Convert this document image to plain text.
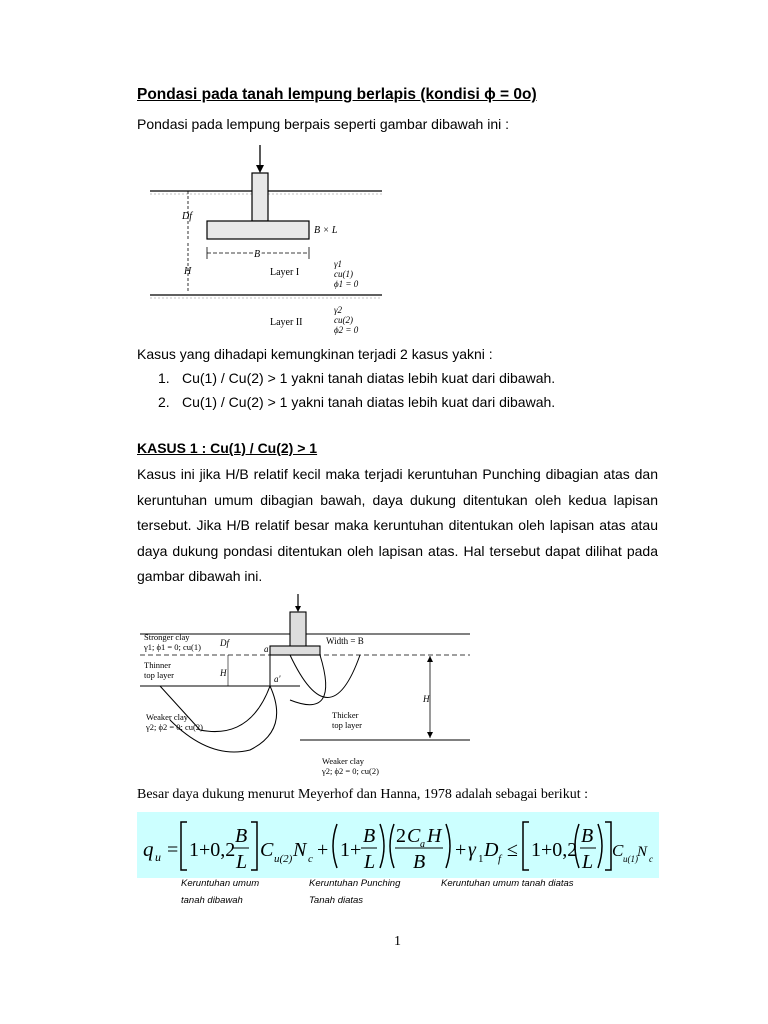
Pondasi pada tanah lempung berlapis (kondisi ϕ = 0o)
Pondasi pada lempung berpais seperti gambar dibawah ini :
Df
B
B × L
H	Layer I
γ1
cu(1)
ϕ1 = 0
Layer II
γ2
cu(2)
ϕ2 = 0
Kasus yang dihadapi kemungkinan terjadi 2 kasus yakni :
1. Cu(1) / Cu(2) > 1 yakni tanah diatas lebih kuat dari dibawah.
2. Cu(1) / Cu(2) > 1 yakni tanah diatas lebih kuat dari dibawah.
KASUS 1 : Cu(1) / Cu(2) > 1
Kasus ini jika H/B relatif kecil maka terjadi keruntuhan Punching dibagian atas dan
keruntuhan umum dibagian bawah, daya dukung ditentukan oleh kedua lapisan
tersebut. Jika H/B relatif besar maka keruntuhan ditentukan oleh lapisan atas atau
daya dukung pondasi ditentukan oleh lapisan atas. Hal tersebut dapat dilihat pada
gambar dibawah ini.
H
Df
H
a
a'
Width = B
Stronger clay
γ1; ϕ1 = 0; cu(1)
Thinner
top layer
Weaker clay
γ2; ϕ2 = 0; cu(2)
Thicker
top layer
Weaker clay
γ2; ϕ2 = 0; cu(2)
Besar daya dukung menurut Meyerhof dan Hanna, 1978 adalah sebagai berikut :
q u = 1+0,2
B
L
C u(2) N c + 1+
B
L
2 C a H
B
+ γ 1 D f ≤ 1+0,2
B
L
C u(1) N c
Keruntuhan umum
tanah dibawah
Keruntuhan Punching
Tanah diatas
Keruntuhan umum tanah diatas
1
